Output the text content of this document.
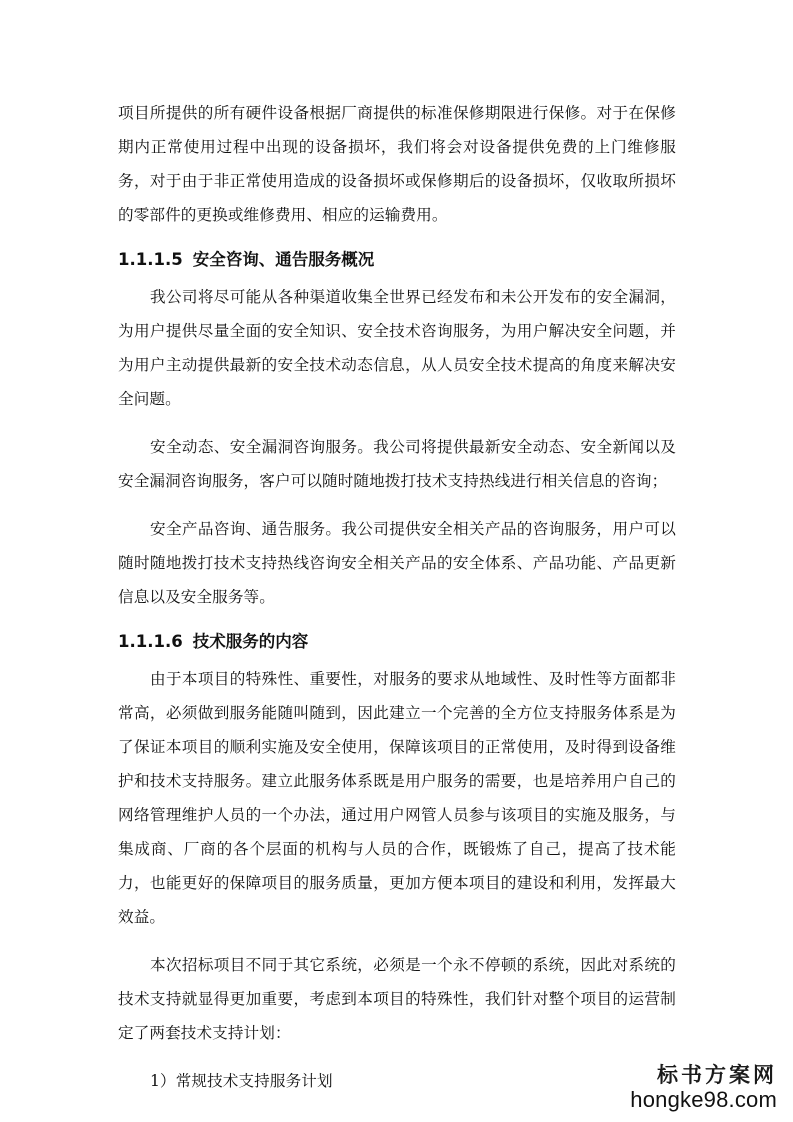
项目所提供的所有硬件设备根据厂商提供的标准保修期限进行保修。对于在保修期内正常使用过程中出现的设备损坏，我们将会对设备提供免费的上门维修服务，对于由于非正常使用造成的设备损坏或保修期后的设备损坏，仅收取所损坏的零部件的更换或维修费用、相应的运输费用。

1.1.1.5 安全咨询、通告服务概况

我公司将尽可能从各种渠道收集全世界已经发布和未公开发布的安全漏洞，为用户提供尽量全面的安全知识、安全技术咨询服务，为用户解决安全问题，并为用户主动提供最新的安全技术动态信息，从人员安全技术提高的角度来解决安全问题。

安全动态、安全漏洞咨询服务。我公司将提供最新安全动态、安全新闻以及安全漏洞咨询服务，客户可以随时随地拨打技术支持热线进行相关信息的咨询；

安全产品咨询、通告服务。我公司提供安全相关产品的咨询服务，用户可以随时随地拨打技术支持热线咨询安全相关产品的安全体系、产品功能、产品更新信息以及安全服务等。

1.1.1.6 技术服务的内容

由于本项目的特殊性、重要性，对服务的要求从地域性、及时性等方面都非常高，必须做到服务能随叫随到，因此建立一个完善的全方位支持服务体系是为了保证本项目的顺利实施及安全使用，保障该项目的正常使用，及时得到设备维护和技术支持服务。建立此服务体系既是用户服务的需要，也是培养用户自己的网络管理维护人员的一个办法，通过用户网管人员参与该项目的实施及服务，与集成商、厂商的各个层面的机构与人员的合作，既锻炼了自己，提高了技术能力，也能更好的保障项目的服务质量，更加方便本项目的建设和利用，发挥最大效益。

本次招标项目不同于其它系统，必须是一个永不停顿的系统，因此对系统的技术支持就显得更加重要，考虑到本项目的特殊性，我们针对整个项目的运营制定了两套技术支持计划：

1）常规技术支持服务计划	标书方案网
hongke98.com
